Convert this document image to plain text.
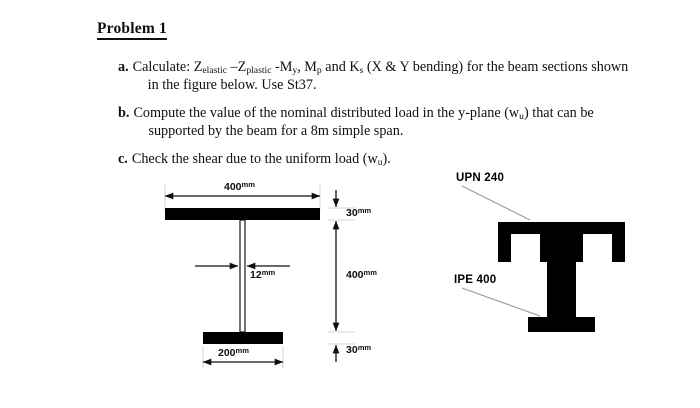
Problem 1
a. Calculate: $Z_{elastic}$ $-Z_{plastic}$ $-M_y$, $M_p$ and $K_s$ (X & Y bending) for the beam sections shown
in the figure below. Use St37.
b. Compute the value of the nominal distributed load in the y-plane $(w_u)$ that can be
supported by the beam for a 8m simple span.
c. Check the shear due to the uniform load $(w_u)$.
$400^{mm}$
$30^{mm}$
$400^{mm}$
$12^{mm}$
$30^{mm}$
$200^{mm}$
UPN 240
IPE 400
